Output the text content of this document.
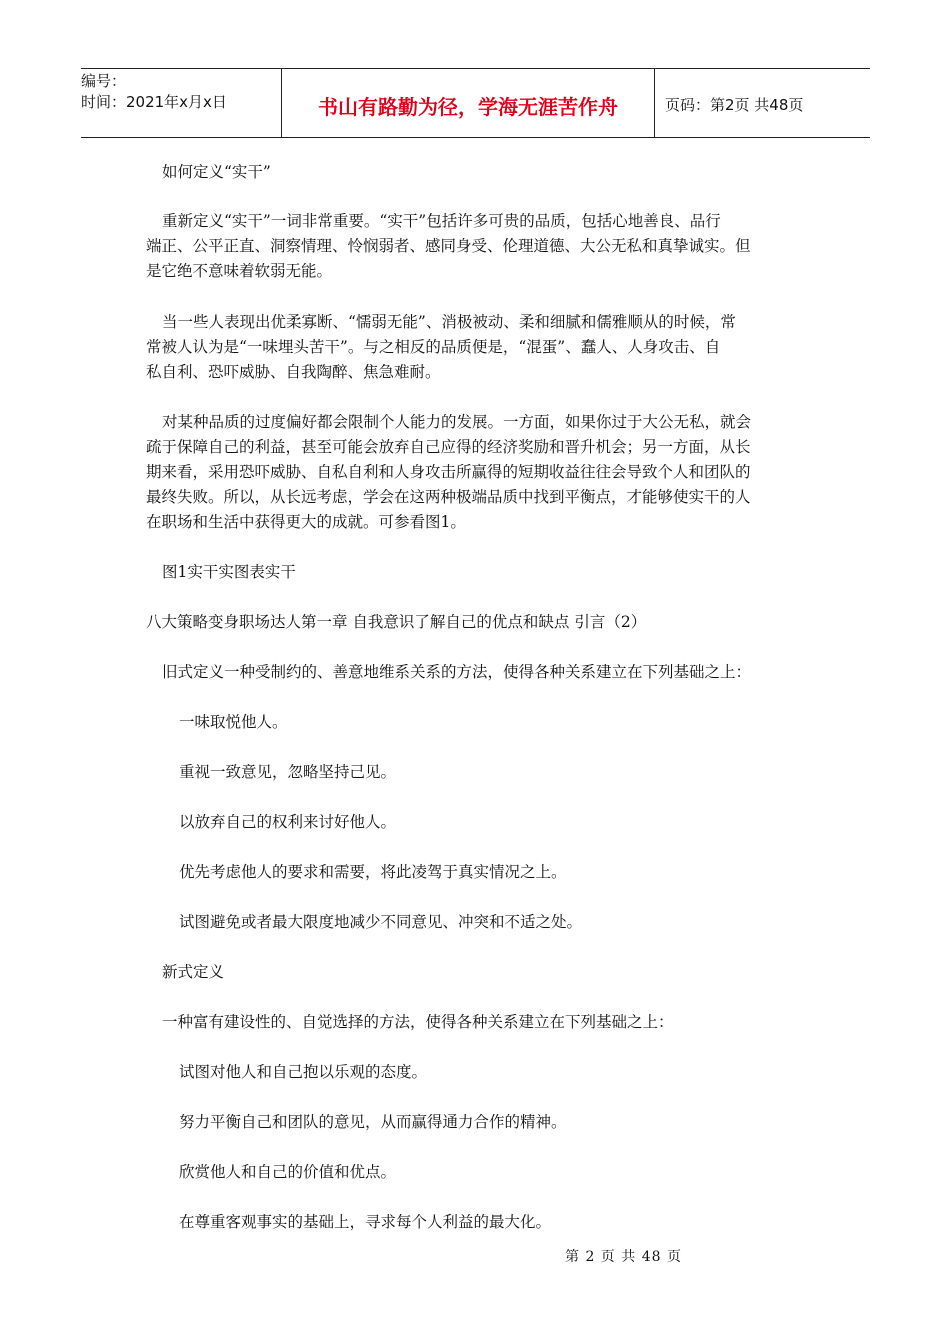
编号：
时间：2021年x月x日	书山有路勤为径，学海无涯苦作舟	页码：第2页 共48页
如何定义“实干”
重新定义“实干”一词非常重要。“实干”包括许多可贵的品质，包括心地善良、品行
端正、公平正直、洞察情理、怜悯弱者、感同身受、伦理道德、大公无私和真挚诚实。但
是它绝不意味着软弱无能。
当一些人表现出优柔寡断、“懦弱无能”、消极被动、柔和细腻和儒雅顺从的时候，常
常被人认为是“一味埋头苦干”。与之相反的品质便是，“混蛋”、蠢人、人身攻击、自
私自利、恐吓威胁、自我陶醉、焦急难耐。
对某种品质的过度偏好都会限制个人能力的发展。一方面，如果你过于大公无私，就会
疏于保障自己的利益，甚至可能会放弃自己应得的经济奖励和晋升机会；另一方面，从长
期来看，采用恐吓威胁、自私自利和人身攻击所赢得的短期收益往往会导致个人和团队的
最终失败。所以，从长远考虑，学会在这两种极端品质中找到平衡点，才能够使实干的人
在职场和生活中获得更大的成就。可参看图1。
图1实干实图表实干
八大策略变身职场达人第一章 自我意识了解自己的优点和缺点 引言（2）
旧式定义一种受制约的、善意地维系关系的方法，使得各种关系建立在下列基础之上：
一味取悦他人。
重视一致意见，忽略坚持己见。
以放弃自己的权利来讨好他人。
优先考虑他人的要求和需要，将此凌驾于真实情况之上。
试图避免或者最大限度地减少不同意见、冲突和不适之处。
新式定义
一种富有建设性的、自觉选择的方法，使得各种关系建立在下列基础之上：
试图对他人和自己抱以乐观的态度。
努力平衡自己和团队的意见，从而赢得通力合作的精神。
欣赏他人和自己的价值和优点。
在尊重客观事实的基础上，寻求每个人利益的最大化。
第 2 页 共 48 页
